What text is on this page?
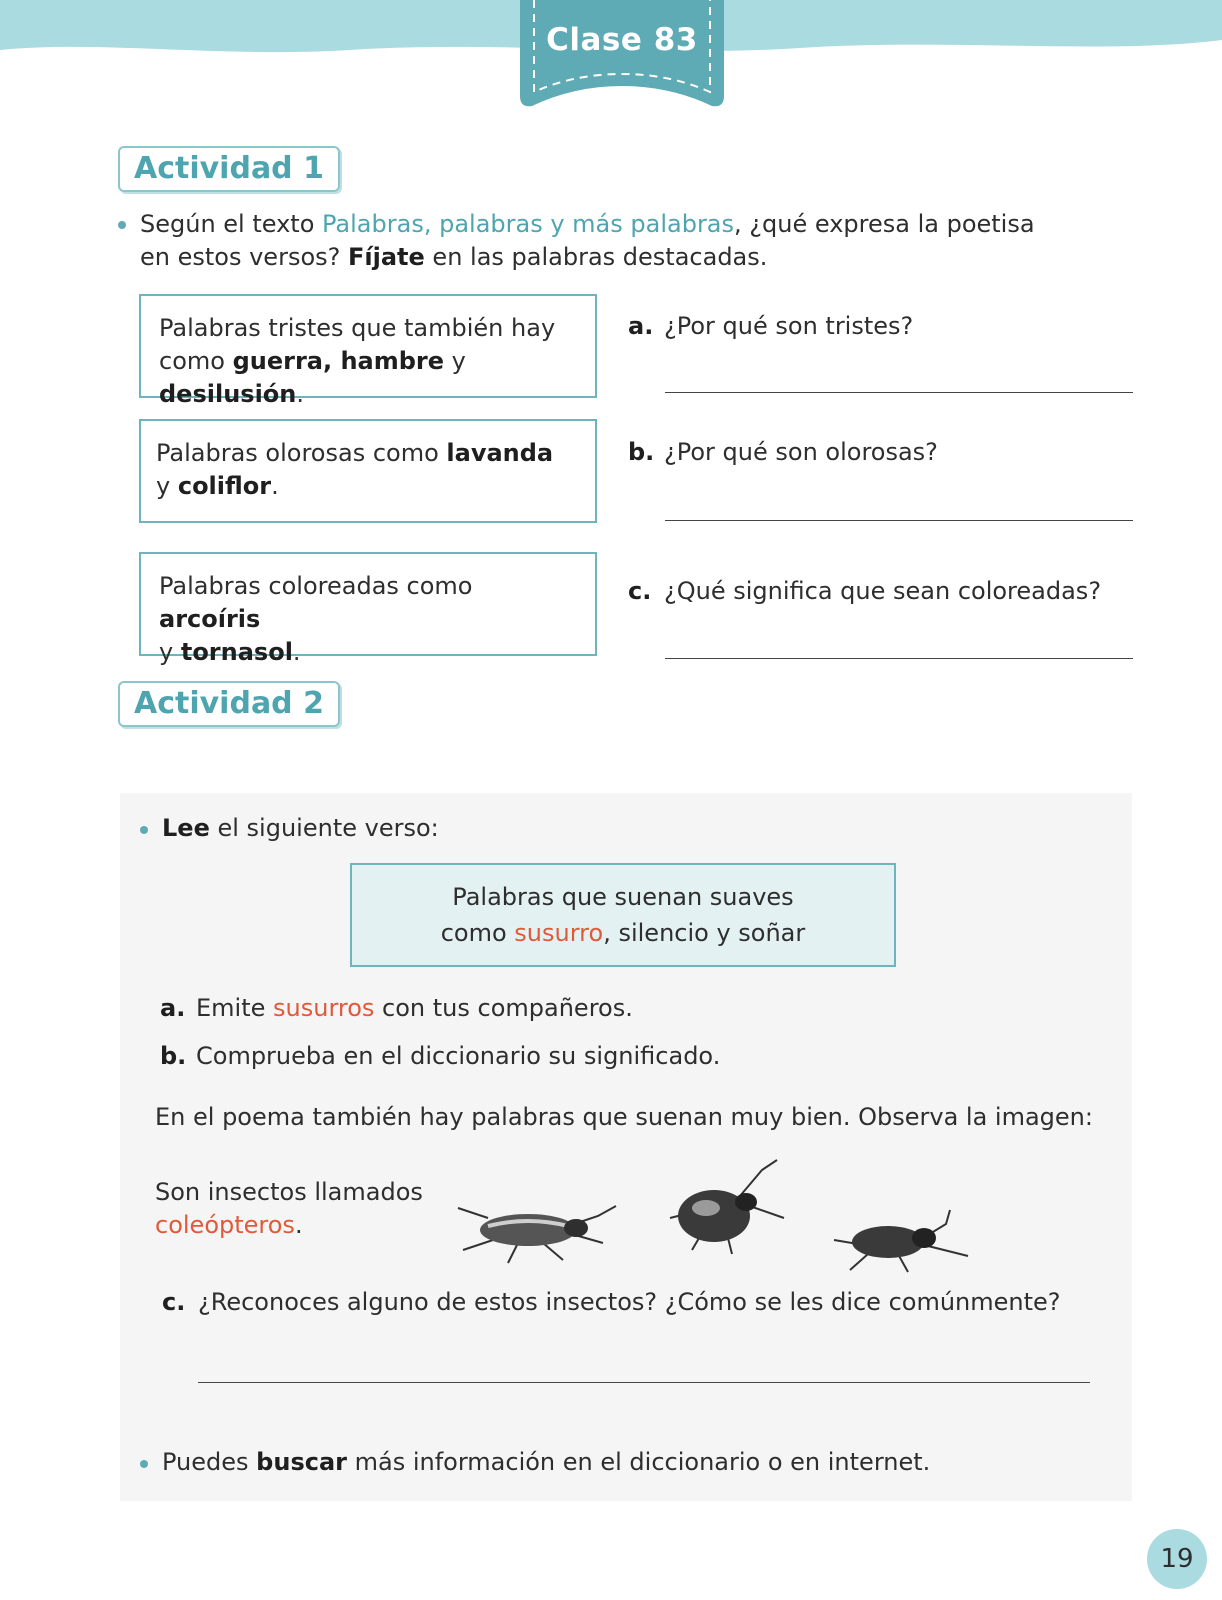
Clase 83
Actividad 1
Según el texto Palabras, palabras y más palabras, ¿qué expresa la poetisa
en estos versos? Fíjate en las palabras destacadas.
Palabras tristes que también hay
como guerra, hambre y desilusión.
Palabras olorosas como lavanda
y coliflor.
Palabras coloreadas como arcoíris
y tornasol.
a. ¿Por qué son tristes?
b. ¿Por qué son olorosas?
c. ¿Qué significa que sean coloreadas?
Actividad 2
Lee el siguiente verso:
Palabras que suenan suaves
como susurro, silencio y soñar
a. Emite susurros con tus compañeros.
b. Comprueba en el diccionario su significado.
En el poema también hay palabras que suenan muy bien. Observa la imagen:
Son insectos llamados
coleópteros.
c. ¿Reconoces alguno de estos insectos? ¿Cómo se les dice comúnmente?
Puedes buscar más información en el diccionario o en internet.
19
